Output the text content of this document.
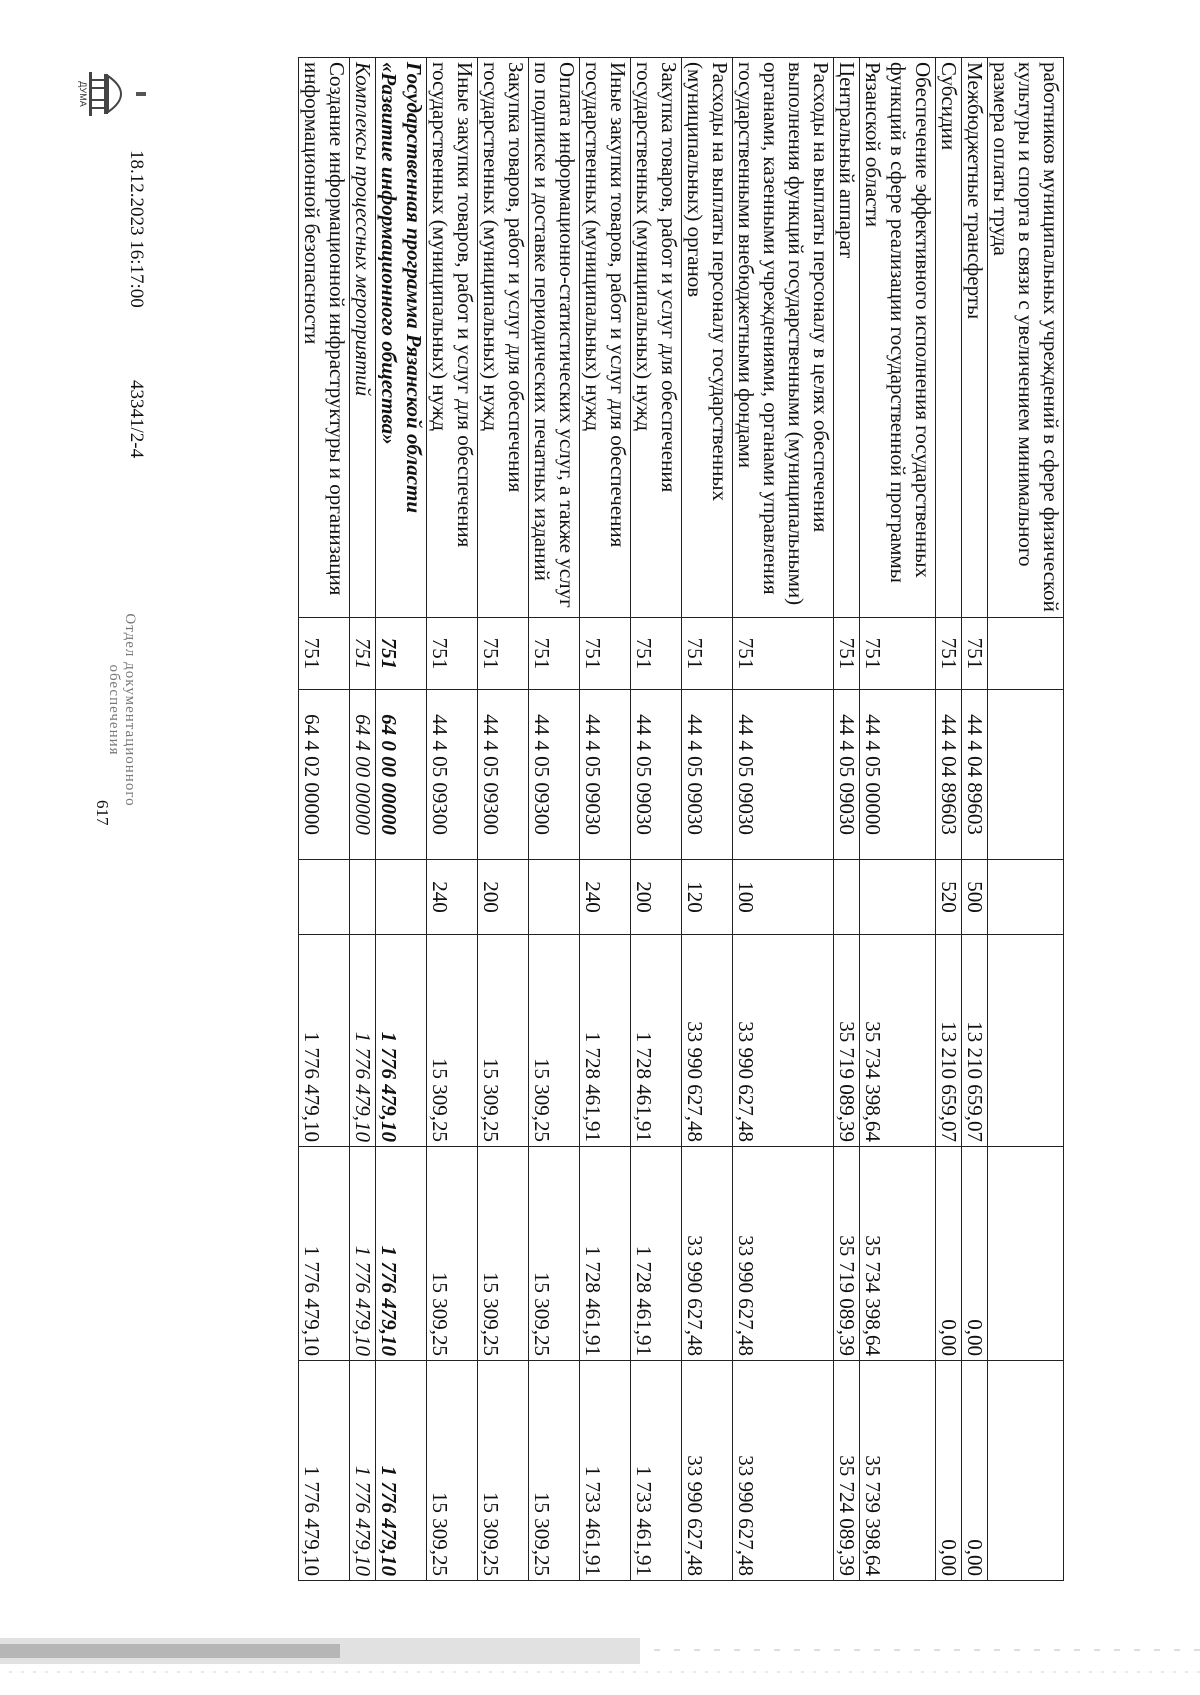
617
работников муниципальных учреждений в сфере физической культуры и спорта в связи с увеличением минимального размера оплаты труда						
Межбюджетные трансферты	751	44 4 04 89603	500	13 210 659,07	0,00	0,00
Субсидии	751	44 4 04 89603	520	13 210 659,07	0,00	0,00
Обеспечение эффективного исполнения государственных функций в сфере реализации государственной программы Рязанской области	751	44 4 05 00000		35 734 398,64	35 734 398,64	35 739 398,64
Центральный аппарат	751	44 4 05 09030		35 719 089,39	35 719 089,39	35 724 089,39
Расходы на выплаты персоналу в целях обеспечения выполнения функций государственными (муниципальными) органами, казенными учреждениями, органами управления государственными внебюджетными фондами	751	44 4 05 09030	100	33 990 627,48	33 990 627,48	33 990 627,48
Расходы на выплаты персоналу государственных (муниципальных) органов	751	44 4 05 09030	120	33 990 627,48	33 990 627,48	33 990 627,48
Закупка товаров, работ и услуг для обеспечения государственных (муниципальных) нужд	751	44 4 05 09030	200	1 728 461,91	1 728 461,91	1 733 461,91
Иные закупки товаров, работ и услуг для обеспечения государственных (муниципальных) нужд	751	44 4 05 09030	240	1 728 461,91	1 728 461,91	1 733 461,91
Оплата информационно-статистических услуг, а также услуг по подписке и доставке периодических печатных изданий	751	44 4 05 09300		15 309,25	15 309,25	15 309,25
Закупка товаров, работ и услуг для обеспечения государственных (муниципальных) нужд	751	44 4 05 09300	200	15 309,25	15 309,25	15 309,25
Иные закупки товаров, работ и услуг для обеспечения государственных (муниципальных) нужд	751	44 4 05 09300	240	15 309,25	15 309,25	15 309,25
Государственная программа Рязанской области «Развитие информационного общества»	751	64 0 00 00000		1 776 479,10	1 776 479,10	1 776 479,10
Комплексы процессных мероприятий	751	64 4 00 00000		1 776 479,10	1 776 479,10	1 776 479,10
Создание информационной инфраструктуры и организация информационной безопасности	751	64 4 02 00000		1 776 479,10	1 776 479,10	1 776 479,10
ДУМА
18.12.2023 16:17:00
43341/2-4
Отдел документационного
обеспечения
